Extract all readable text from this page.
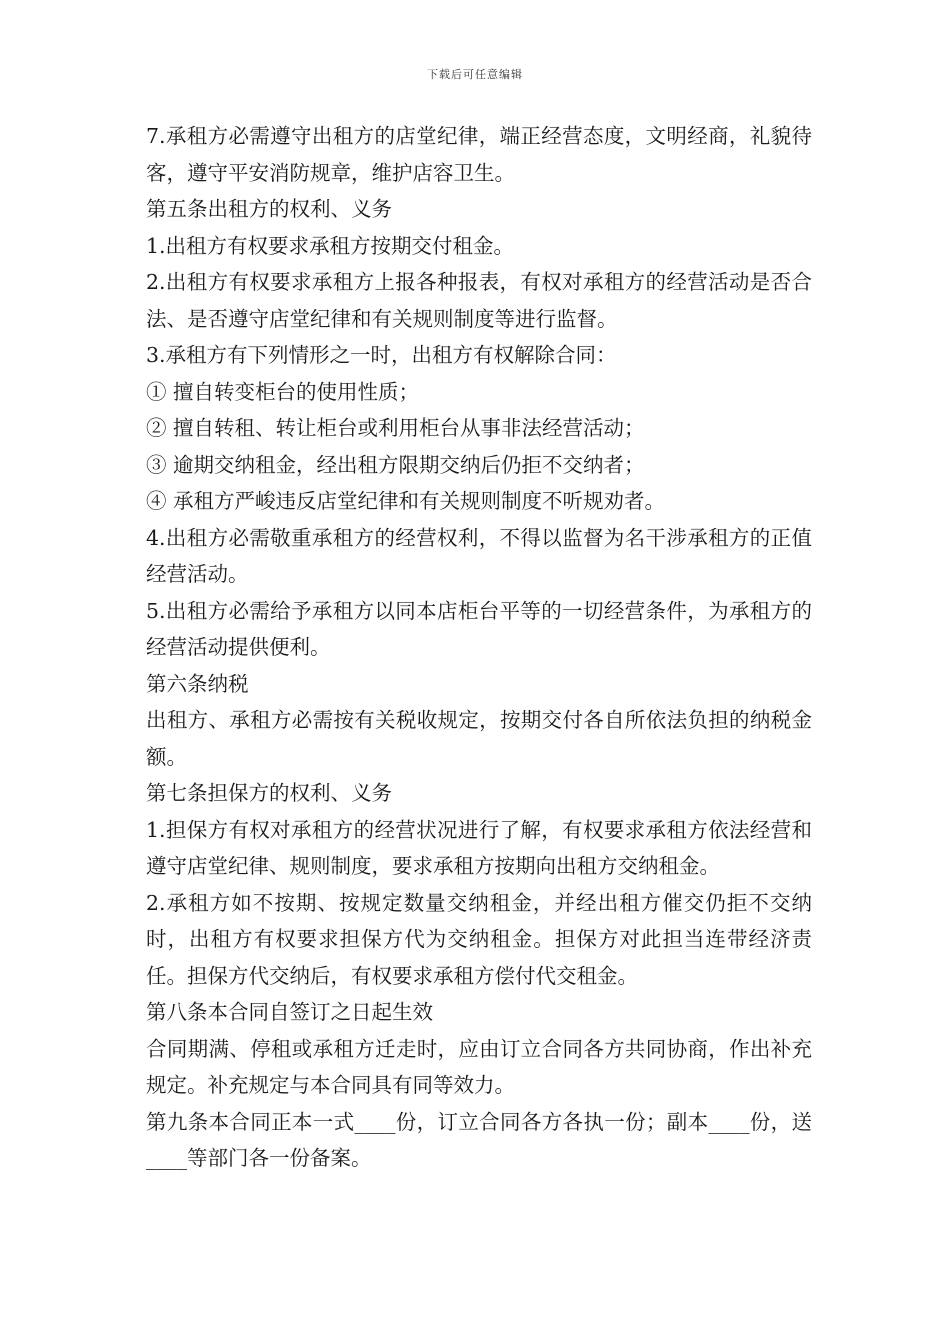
下载后可任意编辑

7.承租方必需遵守出租方的店堂纪律，端正经营态度，文明经商，礼貌待客，遵守平安消防规章，维护店容卫生。

第五条出租方的权利、义务

1.出租方有权要求承租方按期交付租金。

2.出租方有权要求承租方上报各种报表，有权对承租方的经营活动是否合法、是否遵守店堂纪律和有关规则制度等进行监督。

3.承租方有下列情形之一时，出租方有权解除合同：

① 擅自转变柜台的使用性质；

② 擅自转租、转让柜台或利用柜台从事非法经营活动；

③ 逾期交纳租金，经出租方限期交纳后仍拒不交纳者；

④ 承租方严峻违反店堂纪律和有关规则制度不听规劝者。

4.出租方必需敬重承租方的经营权利，不得以监督为名干涉承租方的正值经营活动。

5.出租方必需给予承租方以同本店柜台平等的一切经营条件，为承租方的经营活动提供便利。

第六条纳税

出租方、承租方必需按有关税收规定，按期交付各自所依法负担的纳税金额。

第七条担保方的权利、义务

1.担保方有权对承租方的经营状况进行了解，有权要求承租方依法经营和遵守店堂纪律、规则制度，要求承租方按期向出租方交纳租金。

2.承租方如不按期、按规定数量交纳租金，并经出租方催交仍拒不交纳时，出租方有权要求担保方代为交纳租金。担保方对此担当连带经济责任。担保方代交纳后，有权要求承租方偿付代交租金。

第八条本合同自签订之日起生效

合同期满、停租或承租方迁走时，应由订立合同各方共同协商，作出补充规定。补充规定与本合同具有同等效力。

第九条本合同正本一式____份，订立合同各方各执一份；副本____份，送____等部门各一份备案。
